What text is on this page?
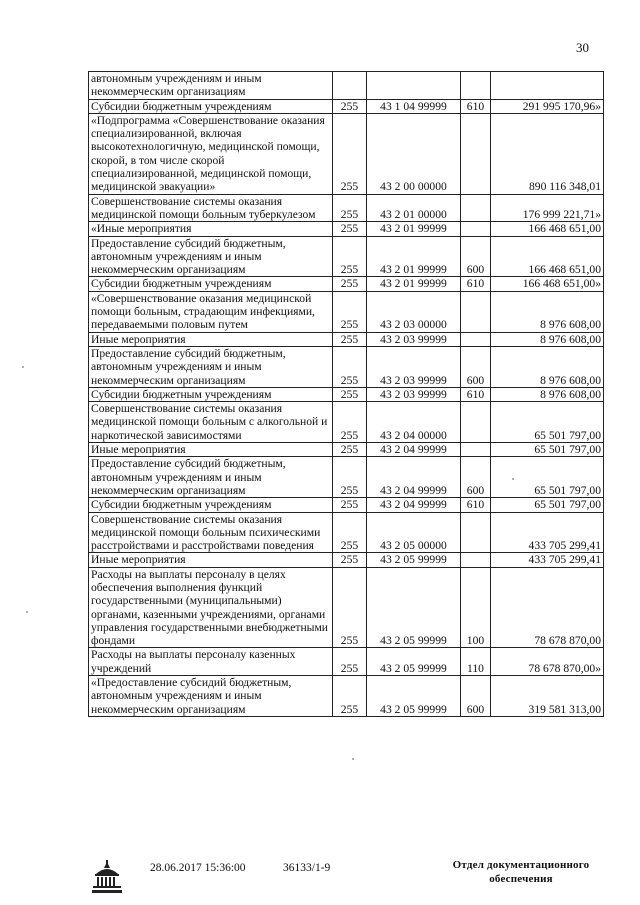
30
автономным учреждениям и иным некоммерческим организациям				
Субсидии бюджетным учреждениям	255	43 1 04 99999	610	291 995 170,96»
«Подпрограмма «Совершенствование оказания специализированной, включая высокотехнологичную, медицинской помощи, скорой, в том числе скорой специализированной, медицинской помощи, медицинской эвакуации»	255	43 2 00 00000		890 116 348,01
Совершенствование системы оказания медицинской помощи больным туберкулезом	255	43 2 01 00000		176 999 221,71»
«Иные мероприятия	255	43 2 01 99999		166 468 651,00
Предоставление субсидий бюджетным, автономным учреждениям и иным некоммерческим организациям	255	43 2 01 99999	600	166 468 651,00
Субсидии бюджетным учреждениям	255	43 2 01 99999	610	166 468 651,00»
«Совершенствование оказания медицинской помощи больным, страдающим инфекциями, передаваемыми половым путем	255	43 2 03 00000		8 976 608,00
Иные мероприятия	255	43 2 03 99999		8 976 608,00
Предоставление субсидий бюджетным, автономным учреждениям и иным некоммерческим организациям	255	43 2 03 99999	600	8 976 608,00
Субсидии бюджетным учреждениям	255	43 2 03 99999	610	8 976 608,00
Совершенствование системы оказания медицинской помощи больным с алкогольной и наркотической зависимостями	255	43 2 04 00000		65 501 797,00
Иные мероприятия	255	43 2 04 99999		65 501 797,00
Предоставление субсидий бюджетным, автономным учреждениям и иным некоммерческим организациям	255	43 2 04 99999	600	65 501 797,00
Субсидии бюджетным учреждениям	255	43 2 04 99999	610	65 501 797,00
Совершенствование системы оказания медицинской помощи больным психическими расстройствами и расстройствами поведения	255	43 2 05 00000		433 705 299,41
Иные мероприятия	255	43 2 05 99999		433 705 299,41
Расходы на выплаты персоналу в целях обеспечения выполнения функций государственными (муниципальными) органами, казенными учреждениями, органами управления государственными внебюджетными фондами	255	43 2 05 99999	100	78 678 870,00
Расходы на выплаты персоналу казенных учреждений	255	43 2 05 99999	110	78 678 870,00»
«Предоставление субсидий бюджетным, автономным учреждениям и иным некоммерческим организациям	255	43 2 05 99999	600	319 581 313,00
28.06.2017 15:36:00	36133/1-9	Отдел документационного
обеспечения
